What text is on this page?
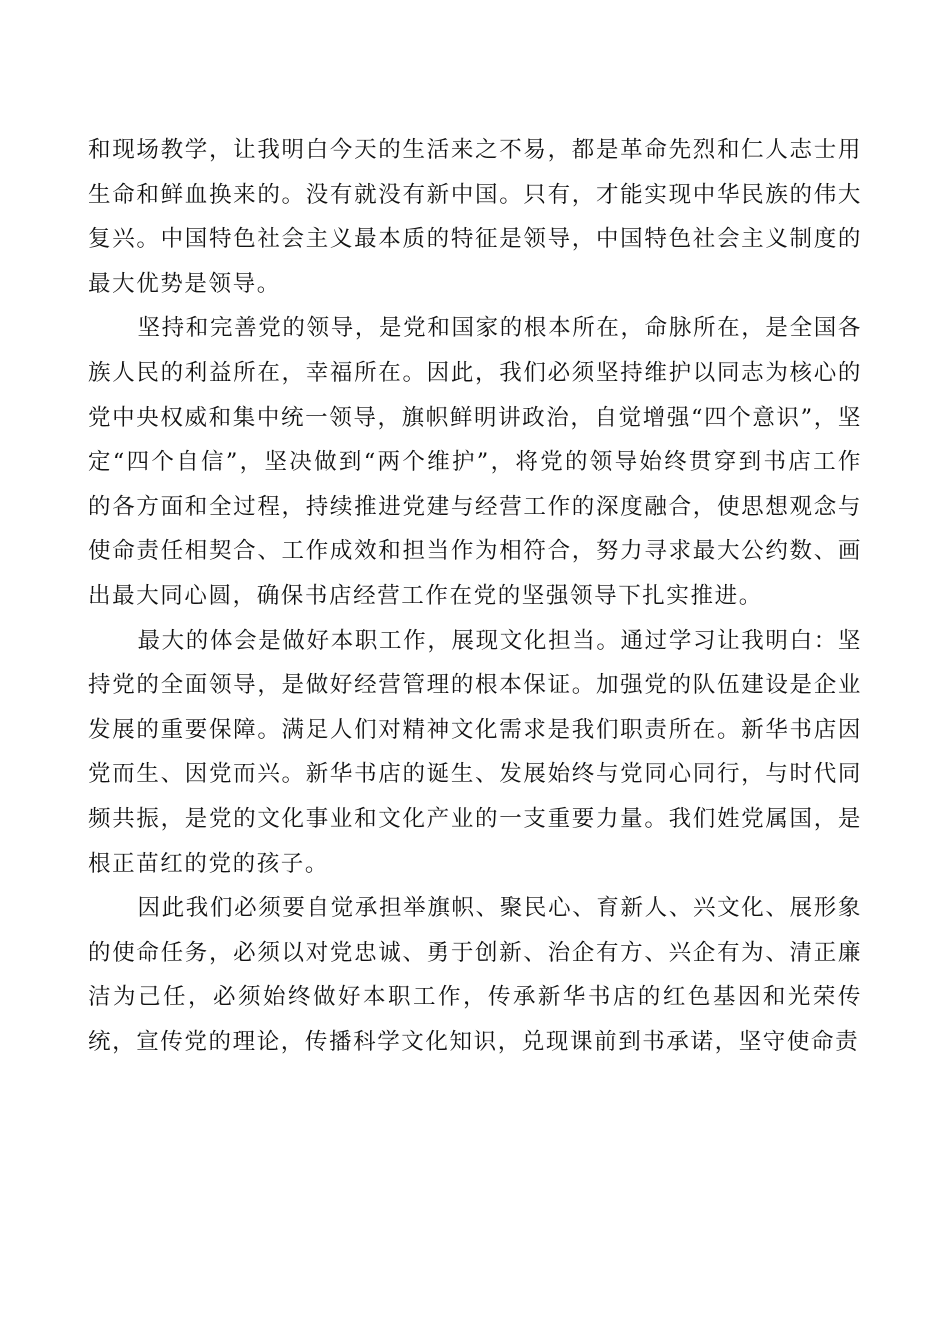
和现场教学，让我明白今天的生活来之不易，都是革命先烈和仁人志士用生命和鲜血换来的。没有就没有新中国。只有，才能实现中华民族的伟大复兴。中国特色社会主义最本质的特征是领导，中国特色社会主义制度的最大优势是领导。

坚持和完善党的领导，是党和国家的根本所在，命脉所在，是全国各族人民的利益所在，幸福所在。因此，我们必须坚持维护以同志为核心的党中央权威和集中统一领导，旗帜鲜明讲政治，自觉增强“四个意识”，坚定“四个自信”，坚决做到“两个维护”，将党的领导始终贯穿到书店工作的各方面和全过程，持续推进党建与经营工作的深度融合，使思想观念与使命责任相契合、工作成效和担当作为相符合，努力寻求最大公约数、画出最大同心圆，确保书店经营工作在党的坚强领导下扎实推进。

最大的体会是做好本职工作，展现文化担当。通过学习让我明白：坚持党的全面领导，是做好经营管理的根本保证。加强党的队伍建设是企业发展的重要保障。满足人们对精神文化需求是我们职责所在。新华书店因党而生、因党而兴。新华书店的诞生、发展始终与党同心同行，与时代同频共振，是党的文化事业和文化产业的一支重要力量。我们姓党属国，是根正苗红的党的孩子。

因此我们必须要自觉承担举旗帜、聚民心、育新人、兴文化、展形象的使命任务，必须以对党忠诚、勇于创新、治企有方、兴企有为、清正廉洁为己任，必须始终做好本职工作，传承新华书店的红色基因和光荣传统，宣传党的理论，传播科学文化知识，兑现课前到书承诺，坚守使命责
